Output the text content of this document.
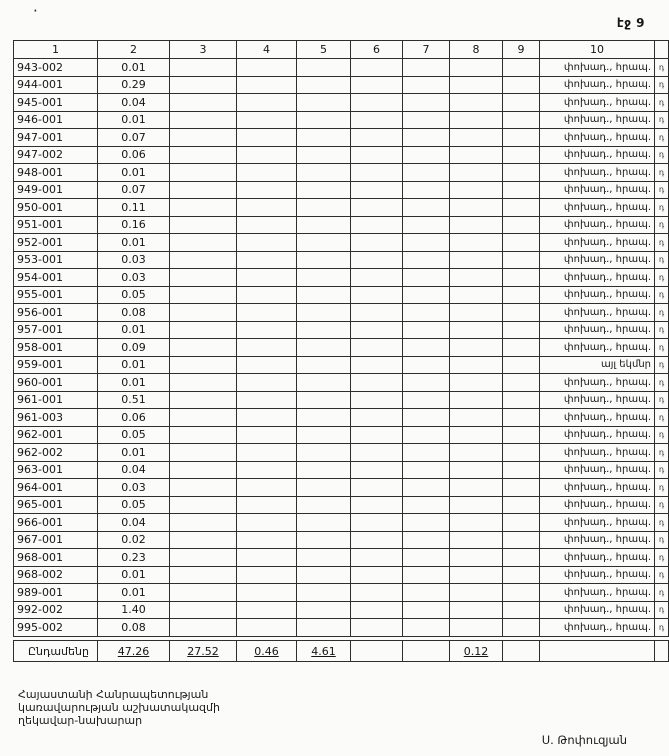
·
էջ 9
1	2	3	4	5	6	7	8	9	10	
943-002	0.01								փոխադ., հրապ.	դ
944-001	0.29								փոխադ., հրապ.	դ
945-001	0.04								փոխադ., հրապ.	դ
946-001	0.01								փոխադ., հրապ.	դ
947-001	0.07								փոխադ., հրապ.	դ
947-002	0.06								փոխադ., հրապ.	դ
948-001	0.01								փոխադ., հրապ.	դ
949-001	0.07								փոխադ., հրապ.	դ
950-001	0.11								փոխադ., հրապ.	դ
951-001	0.16								փոխադ., հրապ.	դ
952-001	0.01								փոխադ., հրապ.	դ
953-001	0.03								փոխադ., հրապ.	դ
954-001	0.03								փոխադ., հրապ.	դ
955-001	0.05								փոխադ., հրապ.	դ
956-001	0.08								փոխադ., հրապ.	դ
957-001	0.01								փոխադ., հրապ.	դ
958-001	0.09								փոխադ., հրապ.	դ
959-001	0.01								այլ եկմնր	դ
960-001	0.01								փոխադ., հրապ.	դ
961-001	0.51								փոխադ., հրապ.	դ
961-003	0.06								փոխադ., հրապ.	դ
962-001	0.05								փոխադ., հրապ.	դ
962-002	0.01								փոխադ., հրապ.	դ
963-001	0.04								փոխադ., հրապ.	դ
964-001	0.03								փոխադ., հրապ.	դ
965-001	0.05								փոխադ., հրապ.	դ
966-001	0.04								փոխադ., հրապ.	դ
967-001	0.02								փոխադ., հրապ.	դ
968-001	0.23								փոխադ., հրապ.	դ
968-002	0.01								փոխադ., հրապ.	դ
989-001	0.01								փոխադ., հրապ.	դ
992-002	1.40								փոխադ., հրապ.	դ
995-002	0.08								փոխադ., հրապ.	դ
Ընդամենը	47.26	27.52	0.46	4.61			0.12			
Հայաստանի Հանրապետության
կառավարության աշխատակազմի
ղեկավար-նախարար
Ս. Թոփուզյան
